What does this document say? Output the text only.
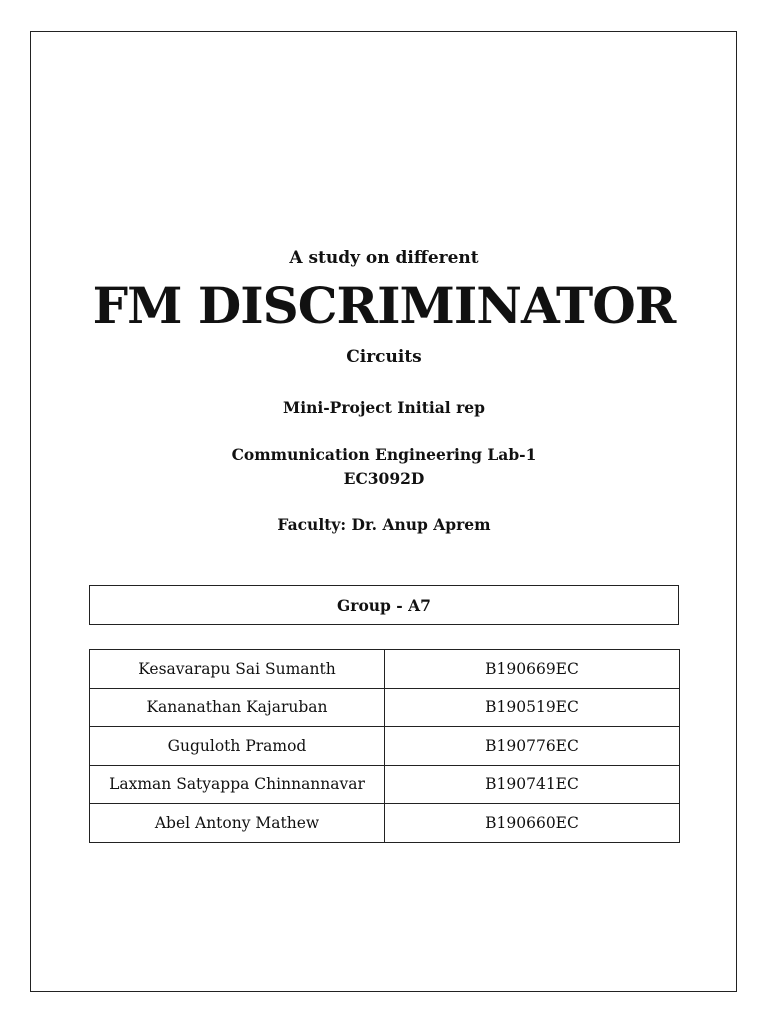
A study on different
FM DISCRIMINATOR
Circuits
Mini-Project Initial rep
Communication Engineering Lab-1
EC3092D
Faculty: Dr. Anup Aprem
Group - A7
Kesavarapu Sai Sumanth	B190669EC
Kananathan Kajaruban	B190519EC
Guguloth Pramod	B190776EC
Laxman Satyappa Chinnannavar	B190741EC
Abel Antony Mathew	B190660EC
